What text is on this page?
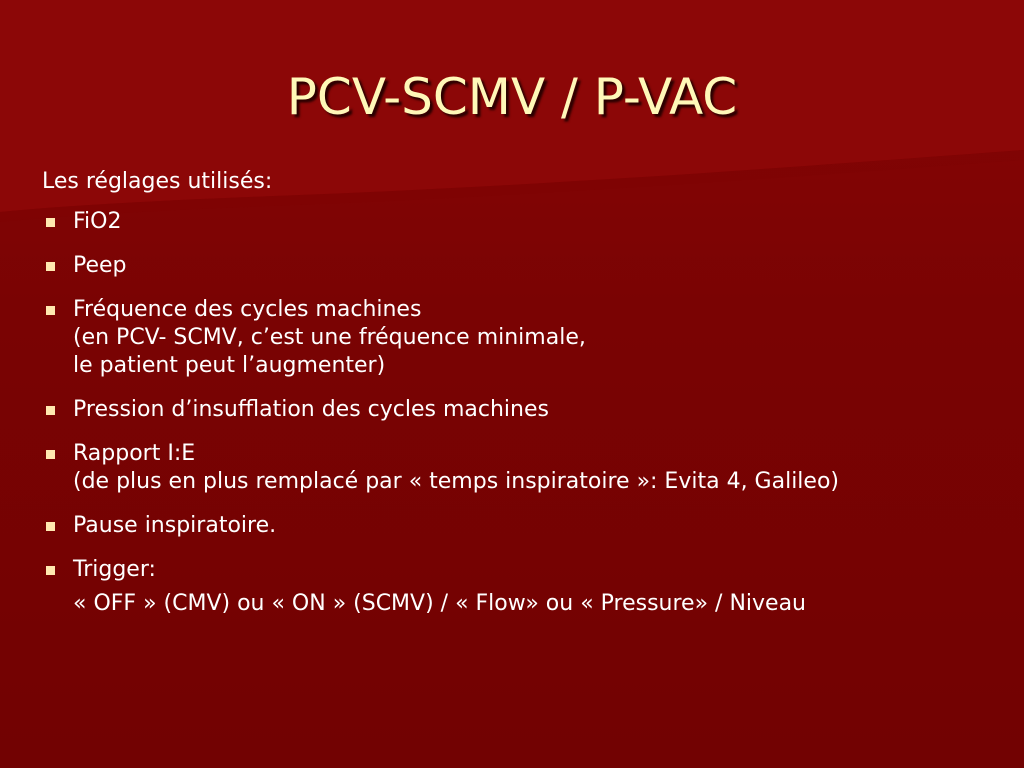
PCV-SCMV / P-VAC
Les réglages utilisés:
FiO2
Peep
Fréquence des cycles machines
(en PCV- SCMV, c’est une fréquence minimale,
le patient peut l’augmenter)
Pression d’insufflation des cycles machines
Rapport I:E
(de plus en plus remplacé par « temps inspiratoire »: Evita 4, Galileo)
Pause inspiratoire.
Trigger:
« OFF » (CMV) ou « ON » (SCMV) / « Flow» ou « Pressure» / Niveau
